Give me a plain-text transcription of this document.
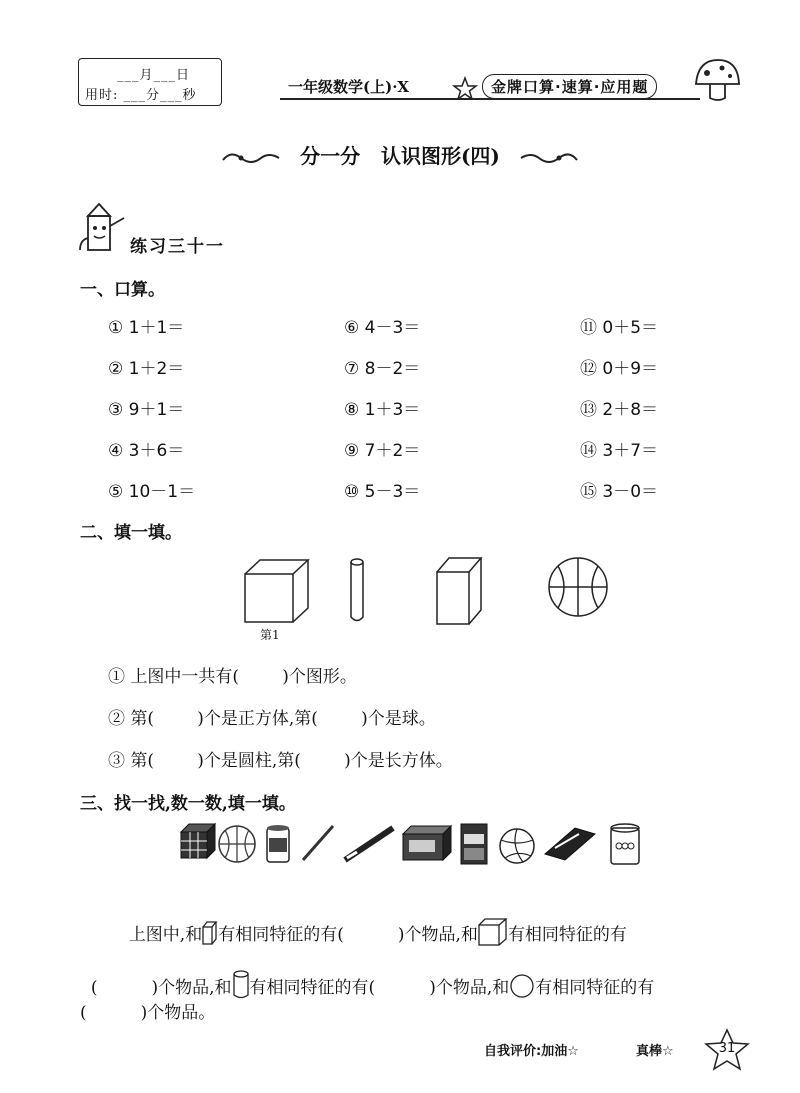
___月___日
用时: ___分___秒	一年级数学(上)·X	金牌口算·速算·应用题
分一分   认识图形(四)
练习三十一
一、口算。
① 1＋1＝	⑥ 4－3＝	⑪ 0＋5＝
② 1＋2＝	⑦ 8－2＝	⑫ 0＋9＝
③ 9＋1＝	⑧ 1＋3＝	⑬ 2＋8＝
④ 3＋6＝	⑨ 7＋2＝	⑭ 3＋7＝
⑤ 10－1＝	⑩ 5－3＝	⑮ 3－0＝
二、填一填。
第1
① 上图中一共有(        )个图形。
② 第(        )个是正方体,第(        )个是球。
③ 第(        )个是圆柱,第(        )个是长方体。
三、找一找,数一数,填一填。

上图中,和 有相同特征的有(          )个物品,和 有相同特征的有

(          )个物品,和 有相同特征的有(          )个物品,和 有相同特征的有

(          )个物品。
自我评价:加油☆	真棒☆	31
